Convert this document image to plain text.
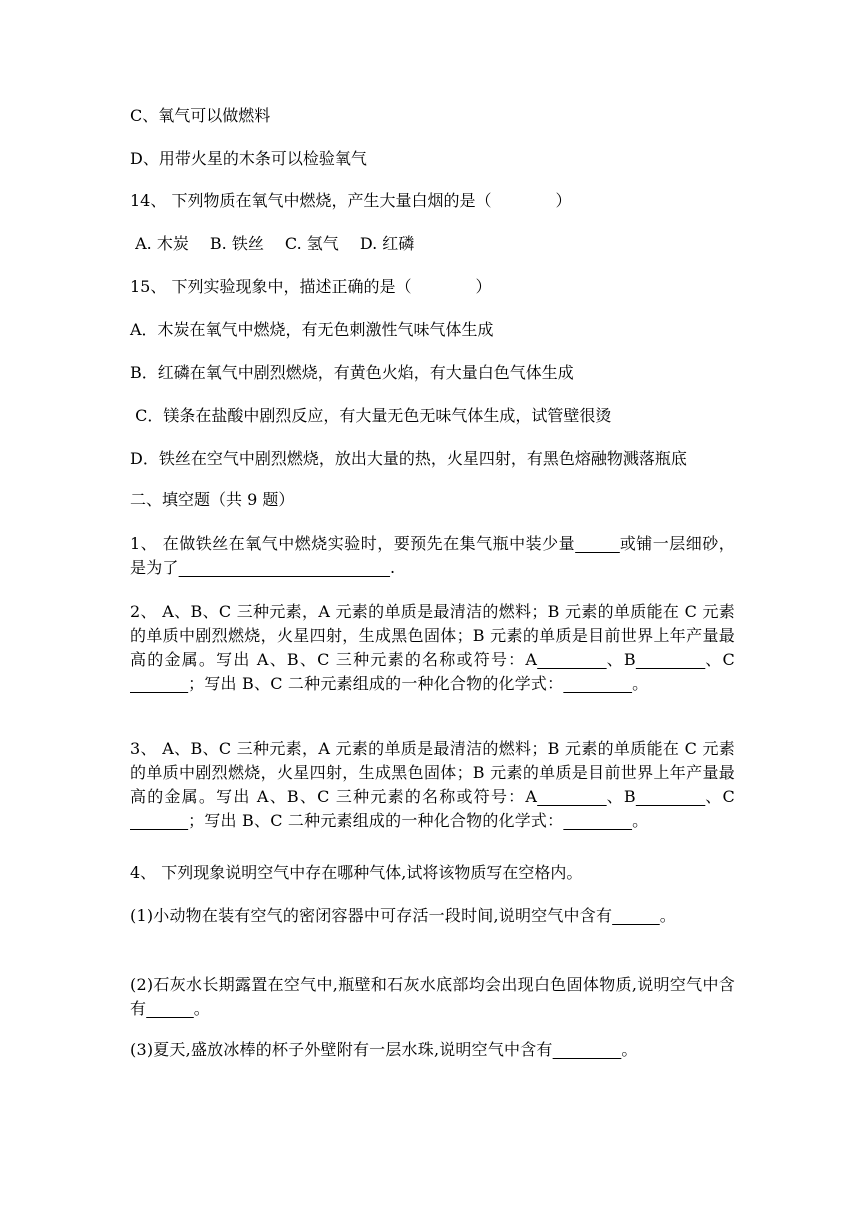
C、氧气可以做燃料

D、用带火星的木条可以检验氧气

14、 下列物质在氧气中燃烧，产生大量白烟的是（　　　　）

A. 木炭　 B. 铁丝　 C. 氢气　 D. 红磷

15、 下列实验现象中，描述正确的是（　　　　）

A．木炭在氧气中燃烧，有无色刺激性气味气体生成

B．红磷在氧气中剧烈燃烧，有黄色火焰，有大量白色气体生成

C．镁条在盐酸中剧烈反应，有大量无色无味气体生成，试管壁很烫

D．铁丝在空气中剧烈燃烧，放出大量的热，火星四射，有黑色熔融物溅落瓶底

二、填空题（共 9 题）

1、 在做铁丝在氧气中燃烧实验时，要预先在集气瓶中装少量	或铺一层细砂，是为了	.

2、 A、B、C 三种元素，A 元素的单质是最清洁的燃料；B 元素的单质能在 C 元素的单质中剧烈燃烧，火星四射，生成黑色固体；B 元素的单质是目前世界上年产量最高的金属。写出 A、B、C 三种元素的名称或符号：A	、B	、C           ；写出 B、C 二种元素组成的一种化合物的化学式：	。

3、 A、B、C 三种元素，A 元素的单质是最清洁的燃料；B 元素的单质能在 C 元素的单质中剧烈燃烧，火星四射，生成黑色固体；B 元素的单质是目前世界上年产量最高的金属。写出 A、B、C 三种元素的名称或符号：A	、B	、C           ；写出 B、C 二种元素组成的一种化合物的化学式：	。

4、 下列现象说明空气中存在哪种气体,试将该物质写在空格内。

(1)小动物在装有空气的密闭容器中可存活一段时间,说明空气中含有	。

(2)石灰水长期露置在空气中,瓶壁和石灰水底部均会出现白色固体物质,说明空气中含有	。

(3)夏天,盛放冰棒的杯子外壁附有一层水珠,说明空气中含有	。
